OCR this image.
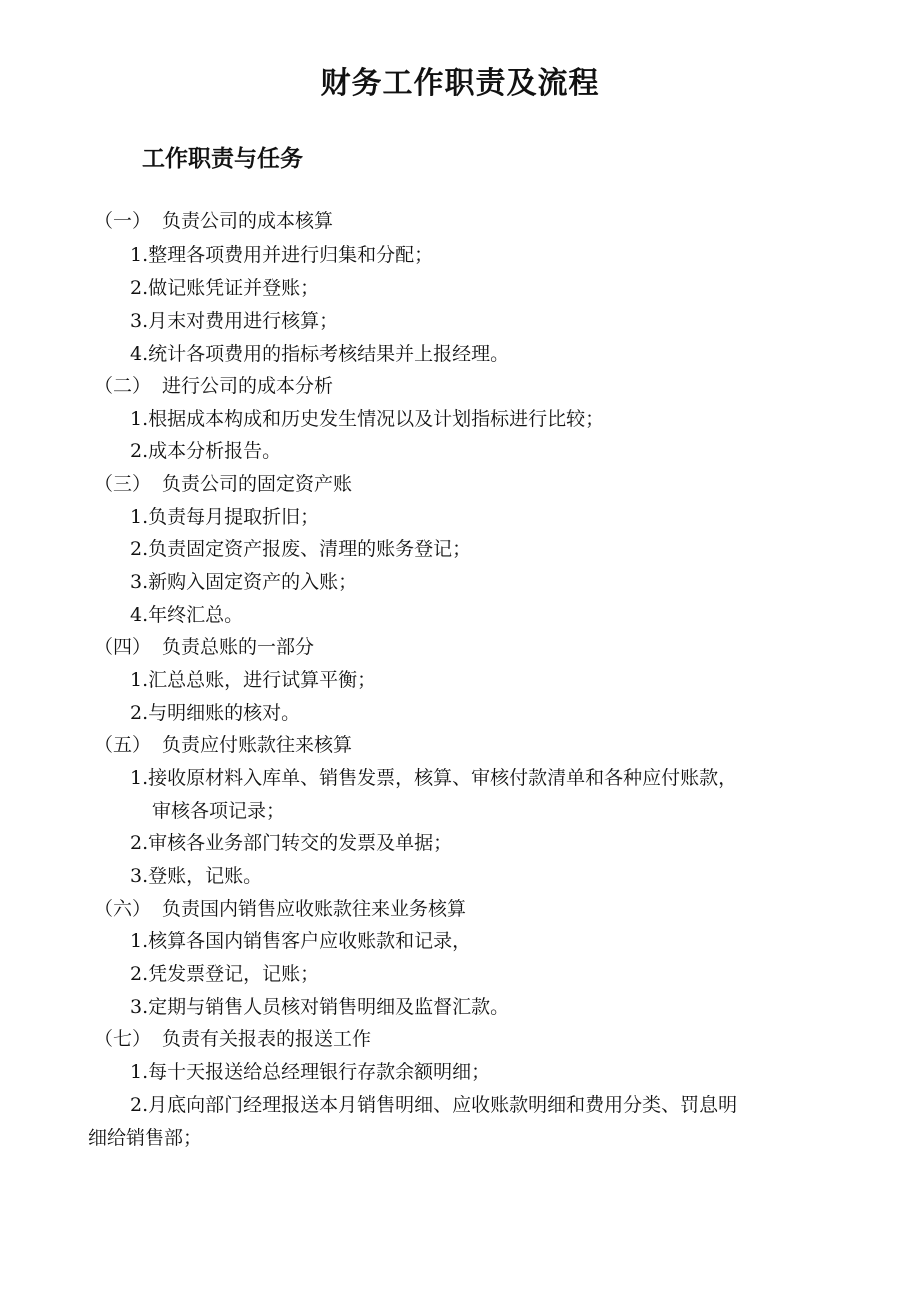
财务工作职责及流程
工作职责与任务
（一） 负责公司的成本核算
1.整理各项费用并进行归集和分配；
2.做记账凭证并登账；
3.月末对费用进行核算；
4.统计各项费用的指标考核结果并上报经理。
（二） 进行公司的成本分析
1.根据成本构成和历史发生情况以及计划指标进行比较；
2.成本分析报告。
（三） 负责公司的固定资产账
1.负责每月提取折旧；
2.负责固定资产报废、清理的账务登记；
3.新购入固定资产的入账；
4.年终汇总。
（四） 负责总账的一部分
1.汇总总账，进行试算平衡；
2.与明细账的核对。
（五） 负责应付账款往来核算
1.接收原材料入库单、销售发票，核算、审核付款清单和各种应付账款，
审核各项记录；
2.审核各业务部门转交的发票及单据；
3.登账，记账。
（六） 负责国内销售应收账款往来业务核算
1.核算各国内销售客户应收账款和记录，
2.凭发票登记，记账；
3.定期与销售人员核对销售明细及监督汇款。
（七） 负责有关报表的报送工作
1.每十天报送给总经理银行存款余额明细；
2.月底向部门经理报送本月销售明细、应收账款明细和费用分类、罚息明
细给销售部；
